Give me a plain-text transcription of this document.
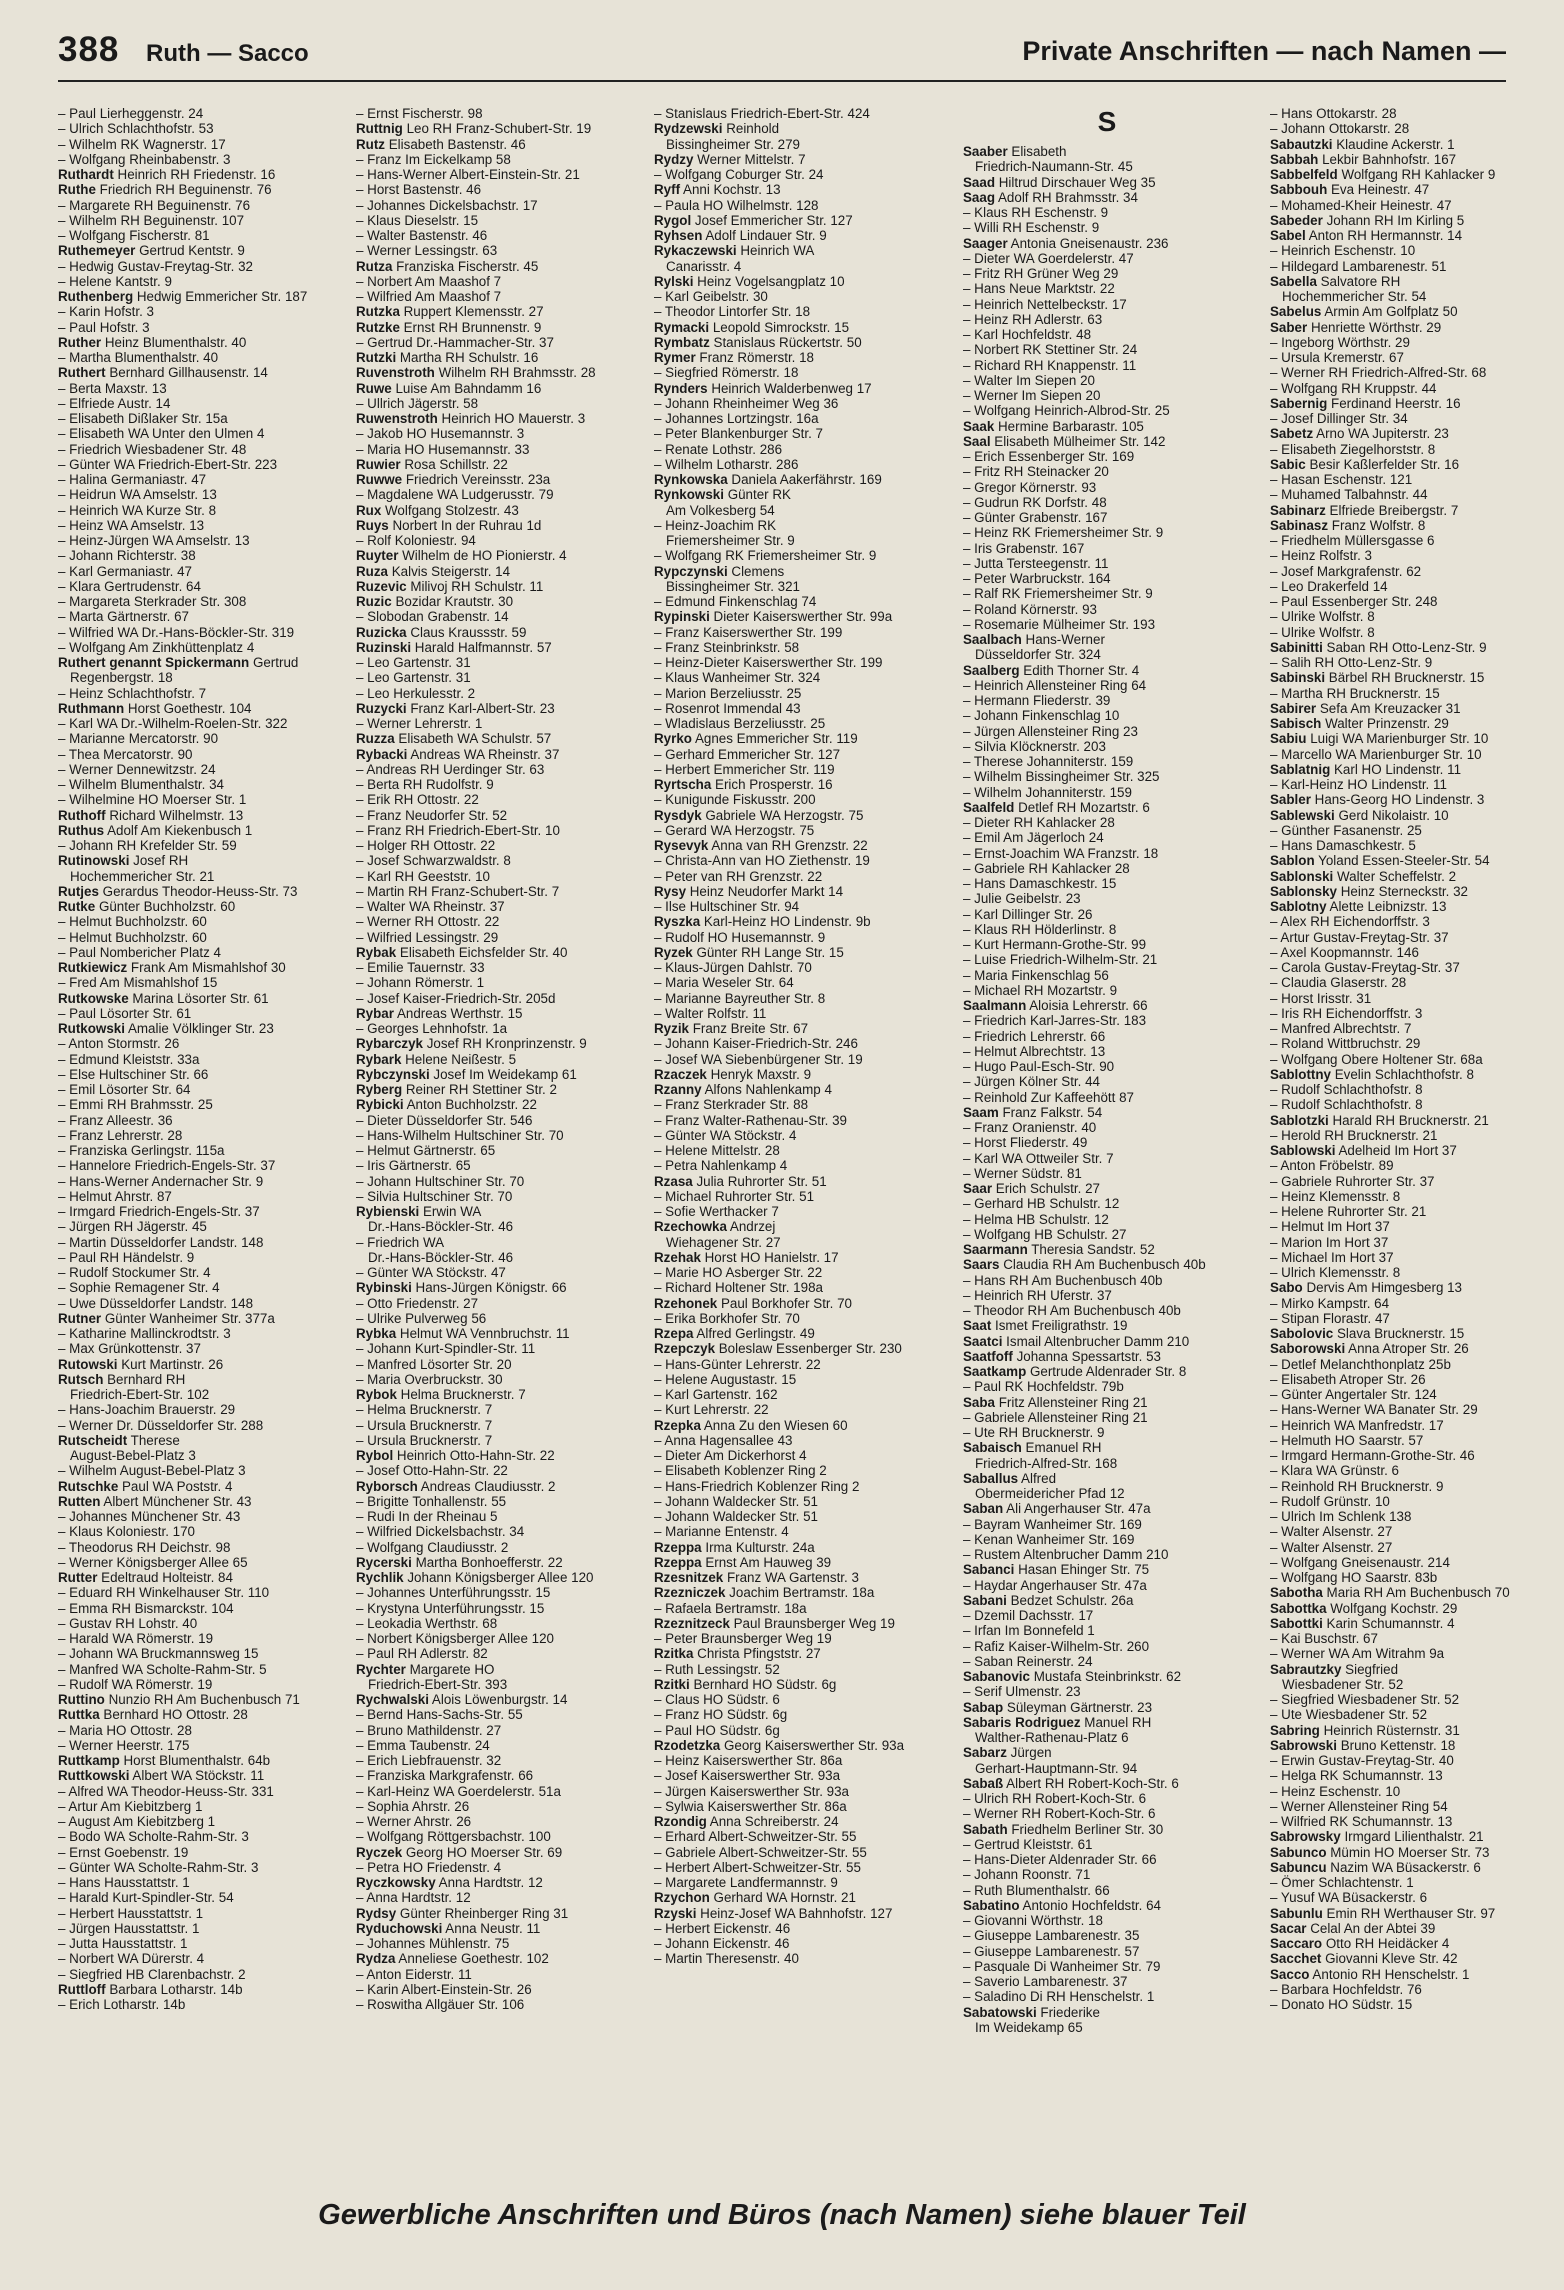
388 Ruth — Sacco	Private Anschriften — nach Namen —
– Paul Lierheggenstr. 24
– Ulrich Schlachthofstr. 53
– Wilhelm RK Wagnerstr. 17
– Wolfgang Rheinbabenstr. 3
Ruthardt Heinrich RH Friedenstr. 16
Ruthe Friedrich RH Beguinenstr. 76
– Margarete RH Beguinenstr. 76
– Wilhelm RH Beguinenstr. 107
– Wolfgang Fischerstr. 81
Ruthemeyer Gertrud Kentstr. 9
– Hedwig Gustav-Freytag-Str. 32
– Helene Kantstr. 9
Ruthenberg Hedwig Emmericher Str. 187
– Karin Hofstr. 3
– Paul Hofstr. 3
Ruther Heinz Blumenthalstr. 40
– Martha Blumenthalstr. 40
Ruthert Bernhard Gillhausenstr. 14
– Berta Maxstr. 13
– Elfriede Austr. 14
– Elisabeth Dißlaker Str. 15a
– Elisabeth WA Unter den Ulmen 4
– Friedrich Wiesbadener Str. 48
– Günter WA Friedrich-Ebert-Str. 223
– Halina Germaniastr. 47
– Heidrun WA Amselstr. 13
– Heinrich WA Kurze Str. 8
– Heinz WA Amselstr. 13
– Heinz-Jürgen WA Amselstr. 13
– Johann Richterstr. 38
– Karl Germaniastr. 47
– Klara Gertrudenstr. 64
– Margareta Sterkrader Str. 308
– Marta Gärtnerstr. 67
– Wilfried WA Dr.-Hans-Böckler-Str. 319
– Wolfgang Am Zinkhüttenplatz 4
Ruthert genannt Spickermann Gertrud
Regenbergstr. 18
– Heinz Schlachthofstr. 7
Ruthmann Horst Goethestr. 104
– Karl WA Dr.-Wilhelm-Roelen-Str. 322
– Marianne Mercatorstr. 90
– Thea Mercatorstr. 90
– Werner Dennewitzstr. 24
– Wilhelm Blumenthalstr. 34
– Wilhelmine HO Moerser Str. 1
Ruthoff Richard Wilhelmstr. 13
Ruthus Adolf Am Kiekenbusch 1
– Johann RH Krefelder Str. 59
Rutinowski Josef RH
Hochemmericher Str. 21
Rutjes Gerardus Theodor-Heuss-Str. 73
Rutke Günter Buchholzstr. 60
– Helmut Buchholzstr. 60
– Helmut Buchholzstr. 60
– Paul Nombericher Platz 4
Rutkiewicz Frank Am Mismahlshof 30
– Fred Am Mismahlshof 15
Rutkowske Marina Lösorter Str. 61
– Paul Lösorter Str. 61
Rutkowski Amalie Völklinger Str. 23
– Anton Stormstr. 26
– Edmund Kleiststr. 33a
– Else Hultschiner Str. 66
– Emil Lösorter Str. 64
– Emmi RH Brahmsstr. 25
– Franz Alleestr. 36
– Franz Lehrerstr. 28
– Franziska Gerlingstr. 115a
– Hannelore Friedrich-Engels-Str. 37
– Hans-Werner Andernacher Str. 9
– Helmut Ahrstr. 87
– Irmgard Friedrich-Engels-Str. 37
– Jürgen RH Jägerstr. 45
– Martin Düsseldorfer Landstr. 148
– Paul RH Händelstr. 9
– Rudolf Stockumer Str. 4
– Sophie Remagener Str. 4
– Uwe Düsseldorfer Landstr. 148
Rutner Günter Wanheimer Str. 377a
– Katharine Mallinckrodtstr. 3
– Max Grünkottenstr. 37
Rutowski Kurt Martinstr. 26
Rutsch Bernhard RH
Friedrich-Ebert-Str. 102
– Hans-Joachim Brauerstr. 29
– Werner Dr. Düsseldorfer Str. 288
Rutscheidt Therese
August-Bebel-Platz 3
– Wilhelm August-Bebel-Platz 3
Rutschke Paul WA Poststr. 4
Rutten Albert Münchener Str. 43
– Johannes Münchener Str. 43
– Klaus Koloniestr. 170
– Theodorus RH Deichstr. 98
– Werner Königsberger Allee 65
Rutter Edeltraud Holteistr. 84
– Eduard RH Winkelhauser Str. 110
– Emma RH Bismarckstr. 104
– Gustav RH Lohstr. 40
– Harald WA Römerstr. 19
– Johann WA Bruckmannsweg 15
– Manfred WA Scholte-Rahm-Str. 5
– Rudolf WA Römerstr. 19
Ruttino Nunzio RH Am Buchenbusch 71
Ruttka Bernhard HO Ottostr. 28
– Maria HO Ottostr. 28
– Werner Heerstr. 175
Ruttkamp Horst Blumenthalstr. 64b
Ruttkowski Albert WA Stöckstr. 11
– Alfred WA Theodor-Heuss-Str. 331
– Artur Am Kiebitzberg 1
– August Am Kiebitzberg 1
– Bodo WA Scholte-Rahm-Str. 3
– Ernst Goebenstr. 19
– Günter WA Scholte-Rahm-Str. 3
– Hans Hausstattstr. 1
– Harald Kurt-Spindler-Str. 54
– Herbert Hausstattstr. 1
– Jürgen Hausstattstr. 1
– Jutta Hausstattstr. 1
– Norbert WA Dürerstr. 4
– Siegfried HB Clarenbachstr. 2
Ruttloff Barbara Lotharstr. 14b
– Erich Lotharstr. 14b
– Ernst Fischerstr. 98
Ruttnig Leo RH Franz-Schubert-Str. 19
Rutz Elisabeth Bastenstr. 46
– Franz Im Eickelkamp 58
– Hans-Werner Albert-Einstein-Str. 21
– Horst Bastenstr. 46
– Johannes Dickelsbachstr. 17
– Klaus Dieselstr. 15
– Walter Bastenstr. 46
– Werner Lessingstr. 63
Rutza Franziska Fischerstr. 45
– Norbert Am Maashof 7
– Wilfried Am Maashof 7
Rutzka Ruppert Klemensstr. 27
Rutzke Ernst RH Brunnenstr. 9
– Gertrud Dr.-Hammacher-Str. 37
Rutzki Martha RH Schulstr. 16
Ruvenstroth Wilhelm RH Brahmsstr. 28
Ruwe Luise Am Bahndamm 16
– Ullrich Jägerstr. 58
Ruwenstroth Heinrich HO Mauerstr. 3
– Jakob HO Husemannstr. 3
– Maria HO Husemannstr. 33
Ruwier Rosa Schillstr. 22
Ruwwe Friedrich Vereinsstr. 23a
– Magdalene WA Ludgerusstr. 79
Rux Wolfgang Stolzestr. 43
Ruys Norbert In der Ruhrau 1d
– Rolf Koloniestr. 94
Ruyter Wilhelm de HO Pionierstr. 4
Ruza Kalvis Steigerstr. 14
Ruzevic Milivoj RH Schulstr. 11
Ruzic Bozidar Krautstr. 30
– Slobodan Grabenstr. 14
Ruzicka Claus Kraussstr. 59
Ruzinski Harald Halfmannstr. 57
– Leo Gartenstr. 31
– Leo Gartenstr. 31
– Leo Herkulesstr. 2
Ruzycki Franz Karl-Albert-Str. 23
– Werner Lehrerstr. 1
Ruzza Elisabeth WA Schulstr. 57
Rybacki Andreas WA Rheinstr. 37
– Andreas RH Uerdinger Str. 63
– Berta RH Rudolfstr. 9
– Erik RH Ottostr. 22
– Franz Neudorfer Str. 52
– Franz RH Friedrich-Ebert-Str. 10
– Holger RH Ottostr. 22
– Josef Schwarzwaldstr. 8
– Karl RH Geeststr. 10
– Martin RH Franz-Schubert-Str. 7
– Walter WA Rheinstr. 37
– Werner RH Ottostr. 22
– Wilfried Lessingstr. 29
Rybak Elisabeth Eichsfelder Str. 40
– Emilie Tauernstr. 33
– Johann Römerstr. 1
– Josef Kaiser-Friedrich-Str. 205d
Rybar Andreas Werthstr. 15
– Georges Lehnhofstr. 1a
Rybarczyk Josef RH Kronprinzenstr. 9
Rybark Helene Neißestr. 5
Rybczynski Josef Im Weidekamp 61
Ryberg Reiner RH Stettiner Str. 2
Rybicki Anton Buchholzstr. 22
– Dieter Düsseldorfer Str. 546
– Hans-Wilhelm Hultschiner Str. 70
– Helmut Gärtnerstr. 65
– Iris Gärtnerstr. 65
– Johann Hultschiner Str. 70
– Silvia Hultschiner Str. 70
Rybienski Erwin WA
Dr.-Hans-Böckler-Str. 46
– Friedrich WA
Dr.-Hans-Böckler-Str. 46
– Günter WA Stöckstr. 47
Rybinski Hans-Jürgen Königstr. 66
– Otto Friedenstr. 27
– Ulrike Pulverweg 56
Rybka Helmut WA Vennbruchstr. 11
– Johann Kurt-Spindler-Str. 11
– Manfred Lösorter Str. 20
– Maria Overbruckstr. 30
Rybok Helma Brucknerstr. 7
– Helma Brucknerstr. 7
– Ursula Brucknerstr. 7
– Ursula Brucknerstr. 7
Rybol Heinrich Otto-Hahn-Str. 22
– Josef Otto-Hahn-Str. 22
Ryborsch Andreas Claudiusstr. 2
– Brigitte Tonhallenstr. 55
– Rudi In der Rheinau 5
– Wilfried Dickelsbachstr. 34
– Wolfgang Claudiusstr. 2
Rycerski Martha Bonhoefferstr. 22
Rychlik Johann Königsberger Allee 120
– Johannes Unterführungsstr. 15
– Krystyna Unterführungsstr. 15
– Leokadia Werthstr. 68
– Norbert Königsberger Allee 120
– Paul RH Adlerstr. 82
Rychter Margarete HO
Friedrich-Ebert-Str. 393
Rychwalski Alois Löwenburgstr. 14
– Bernd Hans-Sachs-Str. 55
– Bruno Mathildenstr. 27
– Emma Taubenstr. 24
– Erich Liebfrauenstr. 32
– Franziska Markgrafenstr. 66
– Karl-Heinz WA Goerdelerstr. 51a
– Sophia Ahrstr. 26
– Werner Ahrstr. 26
– Wolfgang Röttgersbachstr. 100
Ryczek Georg HO Moerser Str. 69
– Petra HO Friedenstr. 4
Ryczkowsky Anna Hardtstr. 12
– Anna Hardtstr. 12
Rydsy Günter Rheinberger Ring 31
Ryduchowski Anna Neustr. 11
– Johannes Mühlenstr. 75
Rydza Anneliese Goethestr. 102
– Anton Eiderstr. 11
– Karin Albert-Einstein-Str. 26
– Roswitha Allgäuer Str. 106
– Stanislaus Friedrich-Ebert-Str. 424
Rydzewski Reinhold
Bissingheimer Str. 279
Rydzy Werner Mittelstr. 7
– Wolfgang Coburger Str. 24
Ryff Anni Kochstr. 13
– Paula HO Wilhelmstr. 128
Rygol Josef Emmericher Str. 127
Ryhsen Adolf Lindauer Str. 9
Rykaczewski Heinrich WA
Canarisstr. 4
Rylski Heinz Vogelsangplatz 10
– Karl Geibelstr. 30
– Theodor Lintorfer Str. 18
Rymacki Leopold Simrockstr. 15
Rymbatz Stanislaus Rückertstr. 50
Rymer Franz Römerstr. 18
– Siegfried Römerstr. 18
Rynders Heinrich Walderbenweg 17
– Johann Rheinheimer Weg 36
– Johannes Lortzingstr. 16a
– Peter Blankenburger Str. 7
– Renate Lothstr. 286
– Wilhelm Lotharstr. 286
Rynkowska Daniela Aakerfährstr. 169
Rynkowski Günter RK
Am Volkesberg 54
– Heinz-Joachim RK
Friemersheimer Str. 9
– Wolfgang RK Friemersheimer Str. 9
Rypczynski Clemens
Bissingheimer Str. 321
– Edmund Finkenschlag 74
Rypinski Dieter Kaiserswerther Str. 99a
– Franz Kaiserswerther Str. 199
– Franz Steinbrinkstr. 58
– Heinz-Dieter Kaiserswerther Str. 199
– Klaus Wanheimer Str. 324
– Marion Berzeliusstr. 25
– Rosenrot Immendal 43
– Wladislaus Berzeliusstr. 25
Ryrko Agnes Emmericher Str. 119
– Gerhard Emmericher Str. 127
– Herbert Emmericher Str. 119
Ryrtscha Erich Prosperstr. 16
– Kunigunde Fiskusstr. 200
Rysdyk Gabriele WA Herzogstr. 75
– Gerard WA Herzogstr. 75
Rysevyk Anna van RH Grenzstr. 22
– Christa-Ann van HO Ziethenstr. 19
– Peter van RH Grenzstr. 22
Rysy Heinz Neudorfer Markt 14
– Ilse Hultschiner Str. 94
Ryszka Karl-Heinz HO Lindenstr. 9b
– Rudolf HO Husemannstr. 9
Ryzek Günter RH Lange Str. 15
– Klaus-Jürgen Dahlstr. 70
– Maria Weseler Str. 64
– Marianne Bayreuther Str. 8
– Walter Rolfstr. 11
Ryzik Franz Breite Str. 67
– Johann Kaiser-Friedrich-Str. 246
– Josef WA Siebenbürgener Str. 19
Rzaczek Henryk Maxstr. 9
Rzanny Alfons Nahlenkamp 4
– Franz Sterkrader Str. 88
– Franz Walter-Rathenau-Str. 39
– Günter WA Stöckstr. 4
– Helene Mittelstr. 28
– Petra Nahlenkamp 4
Rzasa Julia Ruhrorter Str. 51
– Michael Ruhrorter Str. 51
– Sofie Werthacker 7
Rzechowka Andrzej
Wiehagener Str. 27
Rzehak Horst HO Hanielstr. 17
– Marie HO Asberger Str. 22
– Richard Holtener Str. 198a
Rzehonek Paul Borkhofer Str. 70
– Erika Borkhofer Str. 70
Rzepa Alfred Gerlingstr. 49
Rzepczyk Boleslaw Essenberger Str. 230
– Hans-Günter Lehrerstr. 22
– Helene Augustastr. 15
– Karl Gartenstr. 162
– Kurt Lehrerstr. 22
Rzepka Anna Zu den Wiesen 60
– Anna Hagensallee 43
– Dieter Am Dickerhorst 4
– Elisabeth Koblenzer Ring 2
– Hans-Friedrich Koblenzer Ring 2
– Johann Waldecker Str. 51
– Johann Waldecker Str. 51
– Marianne Entenstr. 4
Rzeppa Irma Kulturstr. 24a
Rzeppa Ernst Am Hauweg 39
Rzesnitzek Franz WA Gartenstr. 3
Rzezniczek Joachim Bertramstr. 18a
– Rafaela Bertramstr. 18a
Rzeznitzeck Paul Braunsberger Weg 19
– Peter Braunsberger Weg 19
Rzitka Christa Pfingststr. 27
– Ruth Lessingstr. 52
Rzitki Bernhard HO Südstr. 6g
– Claus HO Südstr. 6
– Franz HO Südstr. 6g
– Paul HO Südstr. 6g
Rzodetzka Georg Kaiserswerther Str. 93a
– Heinz Kaiserswerther Str. 86a
– Josef Kaiserswerther Str. 93a
– Jürgen Kaiserswerther Str. 93a
– Sylwia Kaiserswerther Str. 86a
Rzondig Anna Schreiberstr. 24
– Erhard Albert-Schweitzer-Str. 55
– Gabriele Albert-Schweitzer-Str. 55
– Herbert Albert-Schweitzer-Str. 55
– Margarete Landfermannstr. 9
Rzychon Gerhard WA Hornstr. 21
Rzyski Heinz-Josef WA Bahnhofstr. 127
– Herbert Eickenstr. 46
– Johann Eickenstr. 46
– Martin Theresenstr. 40
S
Saaber Elisabeth
Friedrich-Naumann-Str. 45
Saad Hiltrud Dirschauer Weg 35
Saag Adolf RH Brahmsstr. 34
– Klaus RH Eschenstr. 9
– Willi RH Eschenstr. 9
Saager Antonia Gneisenaustr. 236
– Dieter WA Goerdelerstr. 47
– Fritz RH Grüner Weg 29
– Hans Neue Marktstr. 22
– Heinrich Nettelbeckstr. 17
– Heinz RH Adlerstr. 63
– Karl Hochfeldstr. 48
– Norbert RK Stettiner Str. 24
– Richard RH Knappenstr. 11
– Walter Im Siepen 20
– Werner Im Siepen 20
– Wolfgang Heinrich-Albrod-Str. 25
Saak Hermine Barbarastr. 105
Saal Elisabeth Mülheimer Str. 142
– Erich Essenberger Str. 169
– Fritz RH Steinacker 20
– Gregor Körnerstr. 93
– Gudrun RK Dorfstr. 48
– Günter Grabenstr. 167
– Heinz RK Friemersheimer Str. 9
– Iris Grabenstr. 167
– Jutta Tersteegenstr. 11
– Peter Warbruckstr. 164
– Ralf RK Friemersheimer Str. 9
– Roland Körnerstr. 93
– Rosemarie Mülheimer Str. 193
Saalbach Hans-Werner
Düsseldorfer Str. 324
Saalberg Edith Thorner Str. 4
– Heinrich Allensteiner Ring 64
– Hermann Fliederstr. 39
– Johann Finkenschlag 10
– Jürgen Allensteiner Ring 23
– Silvia Klöcknerstr. 203
– Therese Johanniterstr. 159
– Wilhelm Bissingheimer Str. 325
– Wilhelm Johanniterstr. 159
Saalfeld Detlef RH Mozartstr. 6
– Dieter RH Kahlacker 28
– Emil Am Jägerloch 24
– Ernst-Joachim WA Franzstr. 18
– Gabriele RH Kahlacker 28
– Hans Damaschkestr. 15
– Julie Geibelstr. 23
– Karl Dillinger Str. 26
– Klaus RH Hölderlinstr. 8
– Kurt Hermann-Grothe-Str. 99
– Luise Friedrich-Wilhelm-Str. 21
– Maria Finkenschlag 56
– Michael RH Mozartstr. 9
Saalmann Aloisia Lehrerstr. 66
– Friedrich Karl-Jarres-Str. 183
– Friedrich Lehrerstr. 66
– Helmut Albrechtstr. 13
– Hugo Paul-Esch-Str. 90
– Jürgen Kölner Str. 44
– Reinhold Zur Kaffeehött 87
Saam Franz Falkstr. 54
– Franz Oranienstr. 40
– Horst Fliederstr. 49
– Karl WA Ottweiler Str. 7
– Werner Südstr. 81
Saar Erich Schulstr. 27
– Gerhard HB Schulstr. 12
– Helma HB Schulstr. 12
– Wolfgang HB Schulstr. 27
Saarmann Theresia Sandstr. 52
Saars Claudia RH Am Buchenbusch 40b
– Hans RH Am Buchenbusch 40b
– Heinrich RH Uferstr. 37
– Theodor RH Am Buchenbusch 40b
Saat Ismet Freiligrathstr. 19
Saatci Ismail Altenbrucher Damm 210
Saatfoff Johanna Spessartstr. 53
Saatkamp Gertrude Aldenrader Str. 8
– Paul RK Hochfeldstr. 79b
Saba Fritz Allensteiner Ring 21
– Gabriele Allensteiner Ring 21
– Ute RH Brucknerstr. 9
Sabaisch Emanuel RH
Friedrich-Alfred-Str. 168
Saballus Alfred
Obermeidericher Pfad 12
Saban Ali Angerhauser Str. 47a
– Bayram Wanheimer Str. 169
– Kenan Wanheimer Str. 169
– Rustem Altenbrucher Damm 210
Sabanci Hasan Ehinger Str. 75
– Haydar Angerhauser Str. 47a
Sabani Bedzet Schulstr. 26a
– Dzemil Dachsstr. 17
– Irfan Im Bonnefeld 1
– Rafiz Kaiser-Wilhelm-Str. 260
– Saban Reinerstr. 24
Sabanovic Mustafa Steinbrinkstr. 62
– Serif Ulmenstr. 23
Sabap Süleyman Gärtnerstr. 23
Sabaris Rodriguez Manuel RH
Walther-Rathenau-Platz 6
Sabarz Jürgen
Gerhart-Hauptmann-Str. 94
Sabaß Albert RH Robert-Koch-Str. 6
– Ulrich RH Robert-Koch-Str. 6
– Werner RH Robert-Koch-Str. 6
Sabath Friedhelm Berliner Str. 30
– Gertrud Kleiststr. 61
– Hans-Dieter Aldenrader Str. 66
– Johann Roonstr. 71
– Ruth Blumenthalstr. 66
Sabatino Antonio Hochfeldstr. 64
– Giovanni Wörthstr. 18
– Giuseppe Lambarenestr. 35
– Giuseppe Lambarenestr. 57
– Pasquale Di Wanheimer Str. 79
– Saverio Lambarenestr. 37
– Saladino Di RH Henschelstr. 1
Sabatowski Friederike
Im Weidekamp 65
– Hans Ottokarstr. 28
– Johann Ottokarstr. 28
Sabautzki Klaudine Ackerstr. 1
Sabbah Lekbir Bahnhofstr. 167
Sabbelfeld Wolfgang RH Kahlacker 9
Sabbouh Eva Heinestr. 47
– Mohamed-Kheir Heinestr. 47
Sabeder Johann RH Im Kirling 5
Sabel Anton RH Hermannstr. 14
– Heinrich Eschenstr. 10
– Hildegard Lambarenestr. 51
Sabella Salvatore RH
Hochemmericher Str. 54
Sabelus Armin Am Golfplatz 50
Saber Henriette Wörthstr. 29
– Ingeborg Wörthstr. 29
– Ursula Kremerstr. 67
– Werner RH Friedrich-Alfred-Str. 68
– Wolfgang RH Kruppstr. 44
Sabernig Ferdinand Heerstr. 16
– Josef Dillinger Str. 34
Sabetz Arno WA Jupiterstr. 23
– Elisabeth Ziegelhorststr. 8
Sabic Besir Kaßlerfelder Str. 16
– Hasan Eschenstr. 121
– Muhamed Talbahnstr. 44
Sabinarz Elfriede Breibergstr. 7
Sabinasz Franz Wolfstr. 8
– Friedhelm Müllersgasse 6
– Heinz Rolfstr. 3
– Josef Markgrafenstr. 62
– Leo Drakerfeld 14
– Paul Essenberger Str. 248
– Ulrike Wolfstr. 8
– Ulrike Wolfstr. 8
Sabinitti Saban RH Otto-Lenz-Str. 9
– Salih RH Otto-Lenz-Str. 9
Sabinski Bärbel RH Brucknerstr. 15
– Martha RH Brucknerstr. 15
Sabirer Sefa Am Kreuzacker 31
Sabisch Walter Prinzenstr. 29
Sabiu Luigi WA Marienburger Str. 10
– Marcello WA Marienburger Str. 10
Sablatnig Karl HO Lindenstr. 11
– Karl-Heinz HO Lindenstr. 11
Sabler Hans-Georg HO Lindenstr. 3
Sablewski Gerd Nikolaistr. 10
– Günther Fasanenstr. 25
– Hans Damaschkestr. 5
Sablon Yoland Essen-Steeler-Str. 54
Sablonski Walter Scheffelstr. 2
Sablonsky Heinz Sterneckstr. 32
Sablotny Alette Leibnizstr. 13
– Alex RH Eichendorffstr. 3
– Artur Gustav-Freytag-Str. 37
– Axel Koopmannstr. 146
– Carola Gustav-Freytag-Str. 37
– Claudia Glaserstr. 28
– Horst Irisstr. 31
– Iris RH Eichendorffstr. 3
– Manfred Albrechtstr. 7
– Roland Wittbruchstr. 29
– Wolfgang Obere Holtener Str. 68a
Sablottny Evelin Schlachthofstr. 8
– Rudolf Schlachthofstr. 8
– Rudolf Schlachthofstr. 8
Sablotzki Harald RH Brucknerstr. 21
– Herold RH Brucknerstr. 21
Sablowski Adelheid Im Hort 37
– Anton Fröbelstr. 89
– Gabriele Ruhrorter Str. 37
– Heinz Klemensstr. 8
– Helene Ruhrorter Str. 21
– Helmut Im Hort 37
– Marion Im Hort 37
– Michael Im Hort 37
– Ulrich Klemensstr. 8
Sabo Dervis Am Himgesberg 13
– Mirko Kampstr. 64
– Stipan Florastr. 47
Sabolovic Slava Brucknerstr. 15
Saborowski Anna Atroper Str. 26
– Detlef Melanchthonplatz 25b
– Elisabeth Atroper Str. 26
– Günter Angertaler Str. 124
– Hans-Werner WA Banater Str. 29
– Heinrich WA Manfredstr. 17
– Helmuth HO Saarstr. 57
– Irmgard Hermann-Grothe-Str. 46
– Klara WA Grünstr. 6
– Reinhold RH Brucknerstr. 9
– Rudolf Grünstr. 10
– Ulrich Im Schlenk 138
– Walter Alsenstr. 27
– Walter Alsenstr. 27
– Wolfgang Gneisenaustr. 214
– Wolfgang HO Saarstr. 83b
Sabotha Maria RH Am Buchenbusch 70
Sabottka Wolfgang Kochstr. 29
Sabottki Karin Schumannstr. 4
– Kai Buschstr. 67
– Werner WA Am Witrahm 9a
Sabrautzky Siegfried
Wiesbadener Str. 52
– Siegfried Wiesbadener Str. 52
– Ute Wiesbadener Str. 52
Sabring Heinrich Rüsternstr. 31
Sabrowski Bruno Kettenstr. 18
– Erwin Gustav-Freytag-Str. 40
– Helga RK Schumannstr. 13
– Heinz Eschenstr. 10
– Werner Allensteiner Ring 54
– Wilfried RK Schumannstr. 13
Sabrowsky Irmgard Lilienthalstr. 21
Sabunco Mümin HO Moerser Str. 73
Sabuncu Nazim WA Büsackerstr. 6
– Ömer Schlachtenstr. 1
– Yusuf WA Büsackerstr. 6
Sabunlu Emin RH Werthauser Str. 97
Sacar Celal An der Abtei 39
Saccaro Otto RH Heidäcker 4
Sacchet Giovanni Kleve Str. 42
Sacco Antonio RH Henschelstr. 1
– Barbara Hochfeldstr. 76
– Donato HO Südstr. 15
Gewerbliche Anschriften und Büros (nach Namen) siehe blauer Teil
